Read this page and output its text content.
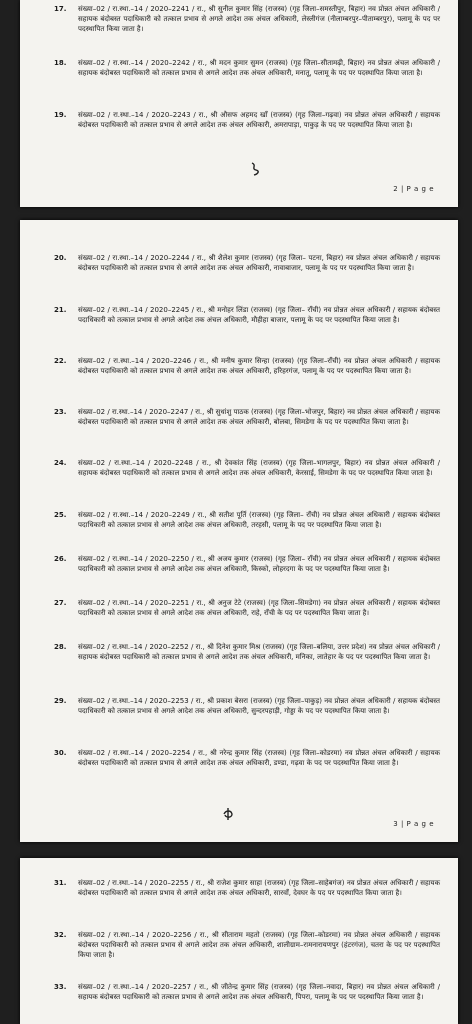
17. संख्या–02 / रा.स्था.–14 / 2020–2241 / रा., श्री सुनील कुमार सिंह (राजस्व) (गृह जिला–समस्तीपुर, बिहार) नव प्रोन्नत अंचल अधिकारी / सहायक बंदोबस्त पदाधिकारी को तत्काल प्रभाव से अगले आदेश तक अंचल अधिकारी, लेस्लीगंज (नीलाम्बरपुर–पीताम्बरपुर), पलामू के पद पर पदस्थापित किया जाता है।

18. संख्या–02 / रा.स्था.–14 / 2020–2242 / रा., श्री मदन कुमार सुमन (राजस्व) (गृह जिला–सीतामढ़ी, बिहार) नव प्रोन्नत अंचल अधिकारी / सहायक बंदोबस्त पदाधिकारी को तत्काल प्रभाव से अगले आदेश तक अंचल अधिकारी, मनातू, पलामू के पद पर पदस्थापित किया जाता है।

19. संख्या–02 / रा.स्था.–14 / 2020–2243 / रा., श्री औसफ अहमद खाँ (राजस्व) (गृह जिला–गढ़वा) नव प्रोन्नत अंचल अधिकारी / सहायक बंदोबस्त पदाधिकारी को तत्काल प्रभाव से अगले आदेश तक अंचल अधिकारी, अमरापाड़ा, पाकुड़ के पद पर पदस्थापित किया जाता है।

2 | P a g e
20. संख्या–02 / रा.स्था.–14 / 2020–2244 / रा., श्री शैलेश कुमार (राजस्व) (गृह जिला– पटना, बिहार) नव प्रोन्नत अंचल अधिकारी / सहायक बंदोबस्त पदाधिकारी को तत्काल प्रभाव से अगले आदेश तक अंचल अधिकारी, नावाबाजार, पलामू के पद पर पदस्थापित किया जाता है।

21. संख्या–02 / रा.स्था.–14 / 2020–2245 / रा., श्री मनोहर लिंडा (राजस्व) (गृह जिला– राँची) नव प्रोन्नत अंचल अधिकारी / सहायक बंदोबस्त पदाधिकारी को तत्काल प्रभाव से अगले आदेश तक अंचल अधिकारी, मौहीहा बाजार, पलामू के पद पर पदस्थापित किया जाता है।

22. संख्या–02 / रा.स्था.–14 / 2020–2246 / रा., श्री मनीष कुमार सिन्हा (राजस्व) (गृह जिला–राँची) नव प्रोन्नत अंचल अधिकारी / सहायक बंदोबस्त पदाधिकारी को तत्काल प्रभाव से अगले आदेश तक अंचल अधिकारी, हरिहरगंज, पलामू के पद पर पदस्थापित किया जाता है।

23. संख्या–02 / रा.स्था.–14 / 2020–2247 / रा., श्री सुधांशु पाठक (राजस्व) (गृह जिला–भोजपुर, बिहार) नव प्रोन्नत अंचल अधिकारी / सहायक बंदोबस्त पदाधिकारी को तत्काल प्रभाव से अगले आदेश तक अंचल अधिकारी, बोलबा, सिमडेगा के पद पर पदस्थापित किया जाता है।

24. संख्या–02 / रा.स्था.–14 / 2020–2248 / रा., श्री देवकांत सिंह (राजस्व) (गृह जिला–भागलपुर, बिहार) नव प्रोन्नत अंचल अधिकारी / सहायक बंदोबस्त पदाधिकारी को तत्काल प्रभाव से अगले आदेश तक अंचल अधिकारी, केरसाई, सिमडेगा के पद पर पदस्थापित किया जाता है।

25. संख्या–02 / रा.स्था.–14 / 2020–2249 / रा., श्री सतीश पूर्ति (राजस्व) (गृह जिला– राँची) नव प्रोन्नत अंचल अधिकारी / सहायक बंदोबस्त पदाधिकारी को तत्काल प्रभाव से अगले आदेश तक अंचल अधिकारी, तरहसी, पलामू के पद पर पदस्थापित किया जाता है।

26. संख्या–02 / रा.स्था.–14 / 2020–2250 / रा., श्री अजय कुमार (राजस्व) (गृह जिला– राँची) नव प्रोन्नत अंचल अधिकारी / सहायक बंदोबस्त पदाधिकारी को तत्काल प्रभाव से अगले आदेश तक अंचल अधिकारी, किस्को, लोहरदगा के पद पर पदस्थापित किया जाता है।

27. संख्या–02 / रा.स्था.–14 / 2020–2251 / रा., श्री अनुज टेटे (राजस्व) (गृह जिला–सिमडेगा) नव प्रोन्नत अंचल अधिकारी / सहायक बंदोबस्त पदाधिकारी को तत्काल प्रभाव से अगले आदेश तक अंचल अधिकारी, राहे, राँची के पद पर पदस्थापित किया जाता है।

28. संख्या–02 / रा.स्था.–14 / 2020–2252 / रा., श्री दिनेश कुमार मिश्र (राजस्व) (गृह जिला–बलिया, उत्तर प्रदेश) नव प्रोन्नत अंचल अधिकारी / सहायक बंदोबस्त पदाधिकारी को तत्काल प्रभाव से अगले आदेश तक अंचल अधिकारी, मनिका, लातेहार के पद पर पदस्थापित किया जाता है।

29. संख्या–02 / रा.स्था.–14 / 2020–2253 / रा., श्री प्रकाश बेसरा (राजस्व) (गृह जिला–पाकुड़) नव प्रोन्नत अंचल अधिकारी / सहायक बंदोबस्त पदाधिकारी को तत्काल प्रभाव से अगले आदेश तक अंचल अधिकारी, सुन्दरपहाड़ी, गोड्डा के पद पर पदस्थापित किया जाता है।

30. संख्या–02 / रा.स्था.–14 / 2020–2254 / रा., श्री नरेन्द्र कुमार सिंह (राजस्व) (गृह जिला–कोडरमा) नव प्रोन्नत अंचल अधिकारी / सहायक बंदोबस्त पदाधिकारी को तत्काल प्रभाव से अगले आदेश तक अंचल अधिकारी, डण्डा, गढ़वा के पद पर पदस्थापित किया जाता है।

3 | P a g e
31. संख्या–02 / रा.स्था.–14 / 2020–2255 / रा., श्री राजेश कुमार साहा (राजस्व) (गृह जिला–साहेबगंज) नव प्रोन्नत अंचल अधिकारी / सहायक बंदोबस्त पदाधिकारी को तत्काल प्रभाव से अगले आदेश तक अंचल अधिकारी, सारवाँ, देवघर के पद पर पदस्थापित किया जाता है।

32. संख्या–02 / रा.स्था.–14 / 2020–2256 / रा., श्री सीताराम महतो (राजस्व) (गृह जिला–कोडरमा) नव प्रोन्नत अंचल अधिकारी / सहायक बंदोबस्त पदाधिकारी को तत्काल प्रभाव से अगले आदेश तक अंचल अधिकारी, शालीग्राम–रामनारायणपुर (हंटरगंज), चतरा के पद पर पदस्थापित किया जाता है।

33. संख्या–02 / रा.स्था.–14 / 2020–2257 / रा., श्री जीतेन्द्र कुमार सिंह (राजस्व) (गृह जिला–नवादा, बिहार) नव प्रोन्नत अंचल अधिकारी / सहायक बंदोबस्त पदाधिकारी को तत्काल प्रभाव से अगले आदेश तक अंचल अधिकारी, पिपरा, पलामू के पद पर पदस्थापित किया जाता है।
